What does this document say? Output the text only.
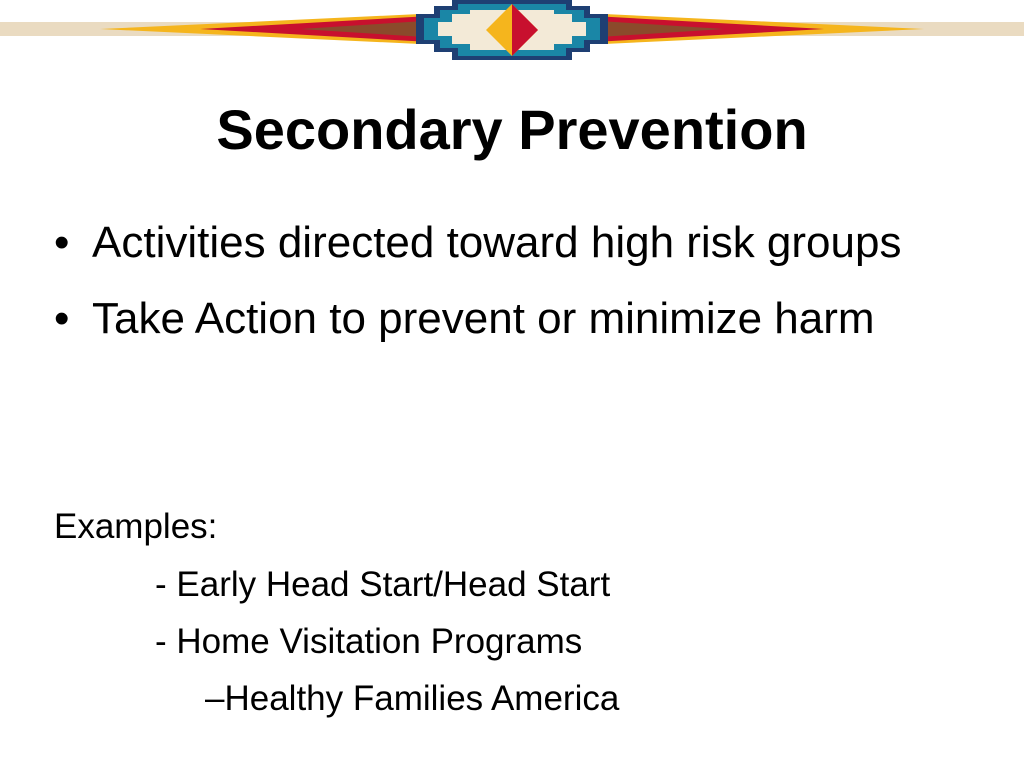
Secondary Prevention
• Activities directed toward high risk groups
• Take Action to prevent or minimize harm
Examples:
- Early Head Start/Head Start
- Home Visitation Programs
–Healthy Families America
